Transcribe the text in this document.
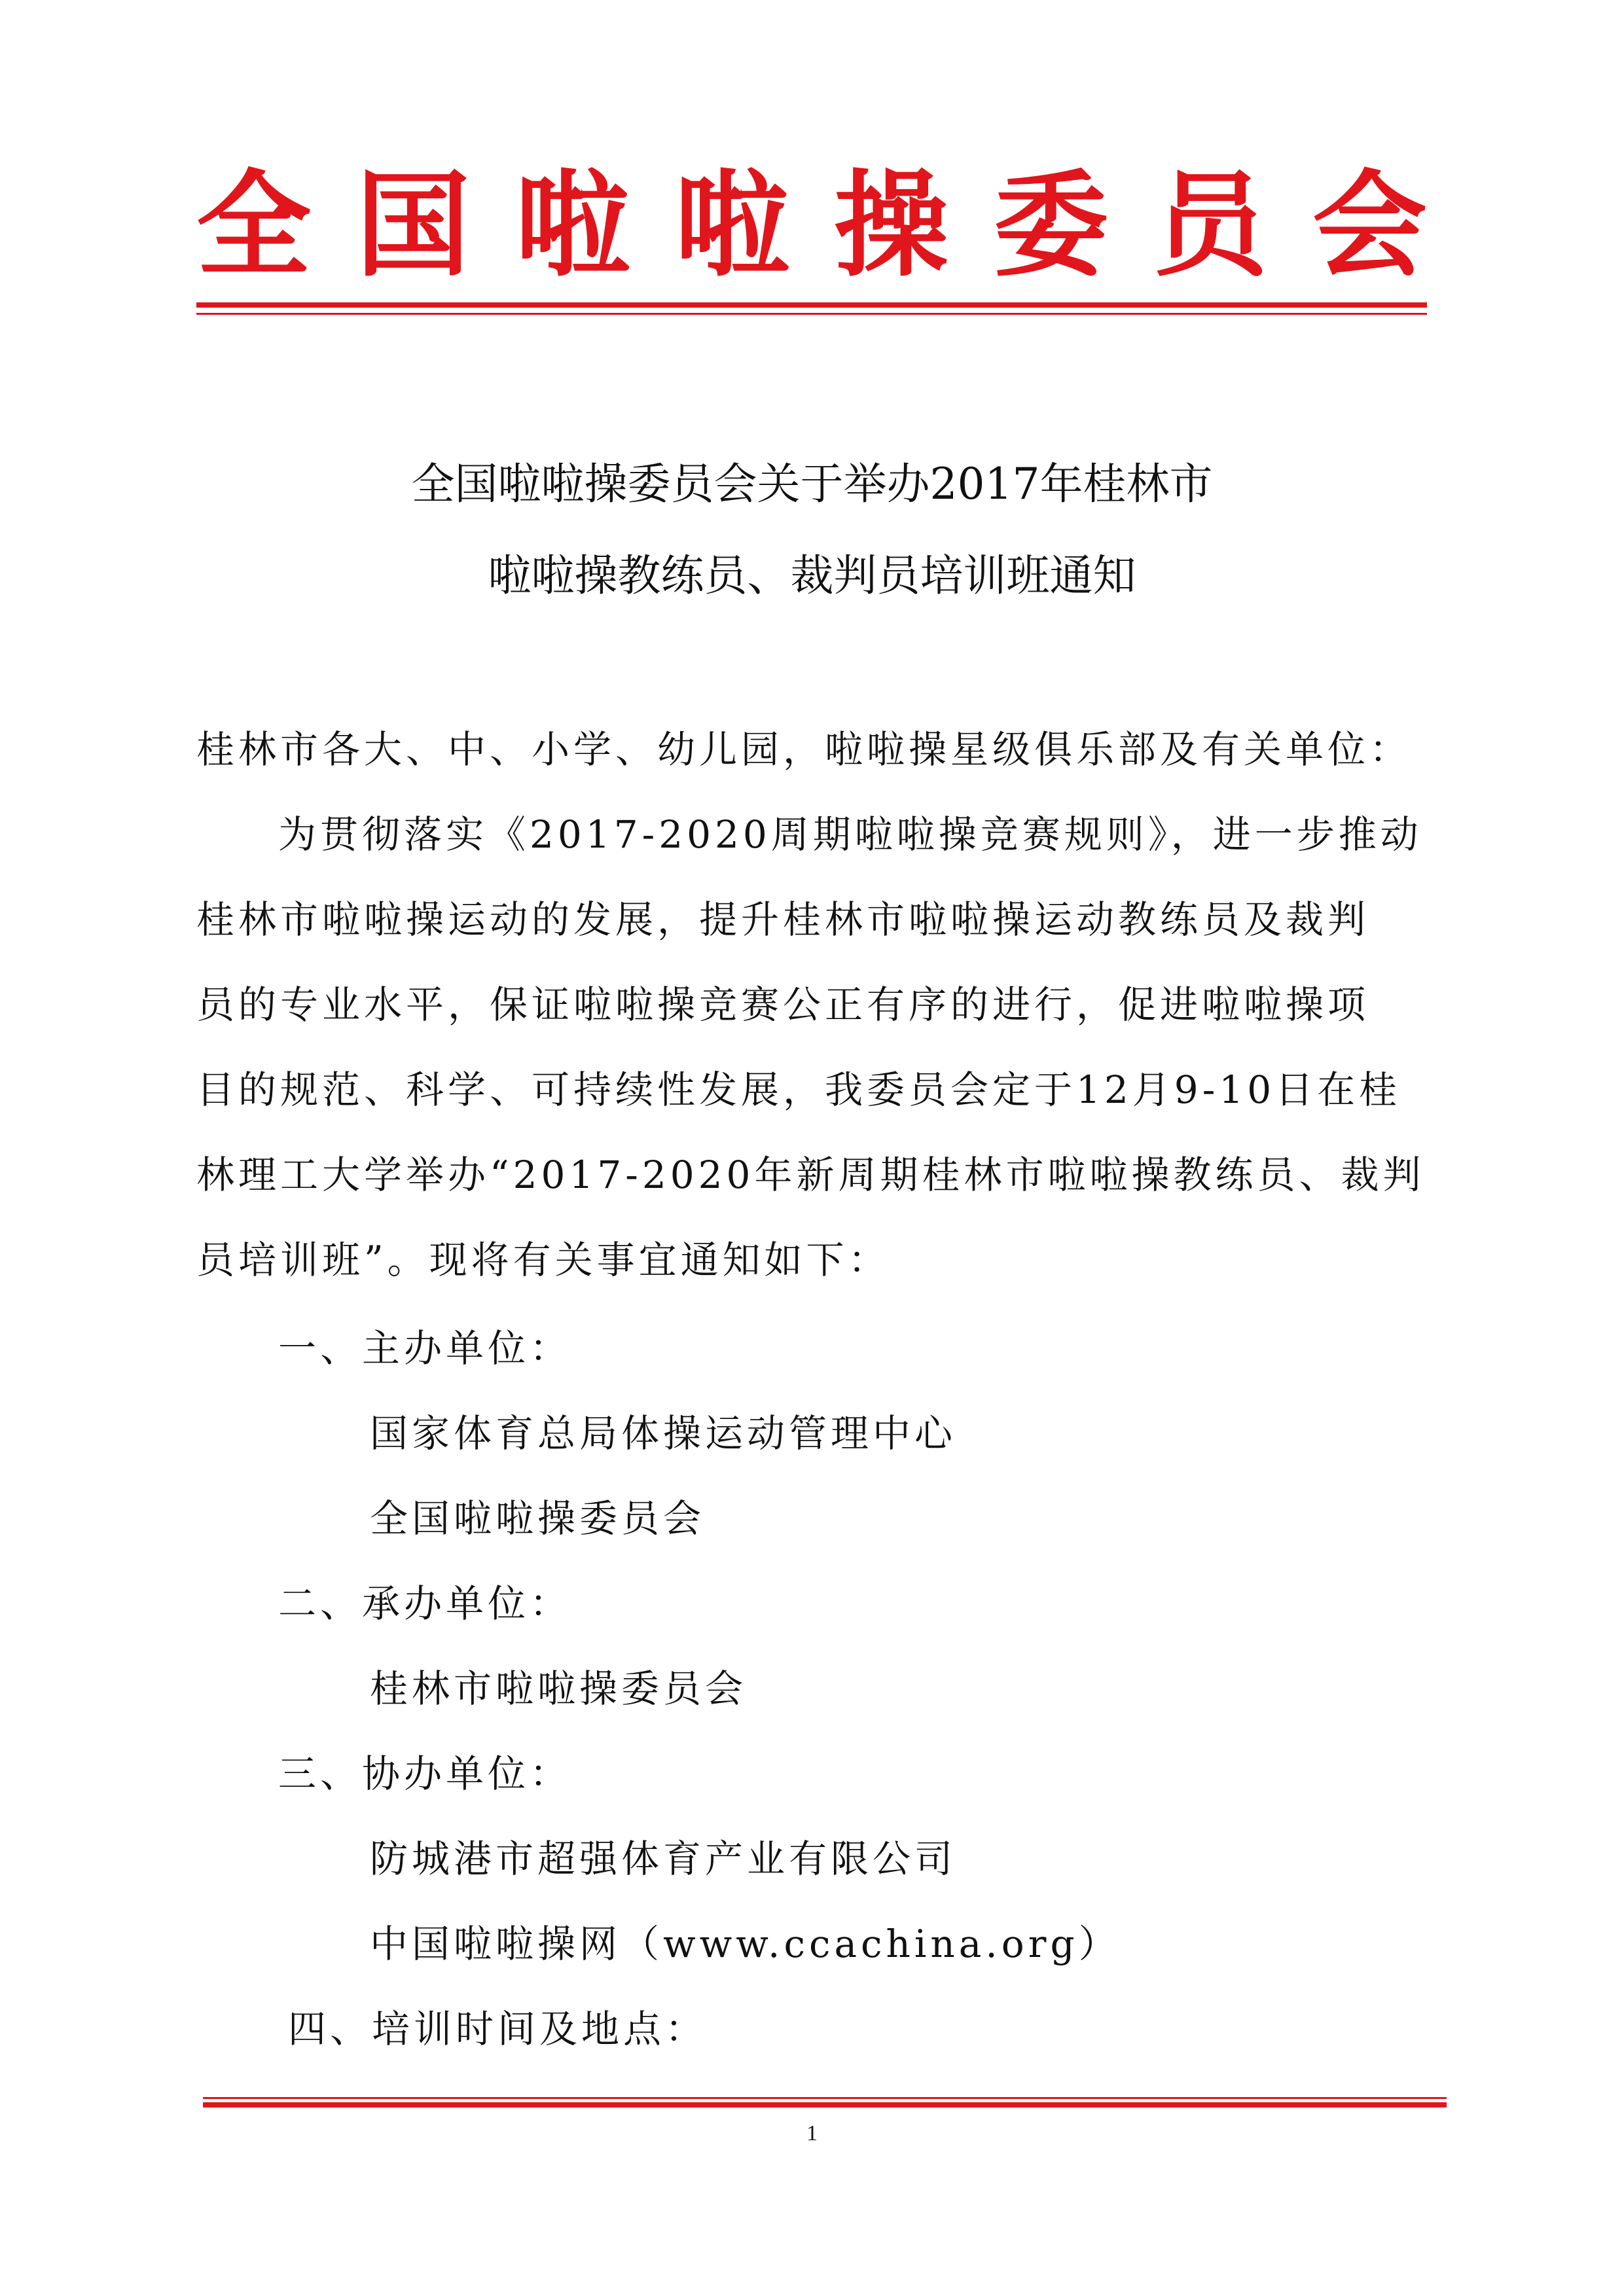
全 国 啦 啦 操 委 员 会
全国啦啦操委员会关于举办2017年桂林市
啦啦操教练员、裁判员培训班通知

桂林市各大、中、小学、幼儿园，啦啦操星级俱乐部及有关单位：

为贯彻落实《2017-2020周期啦啦操竞赛规则》，进一步推动

桂林市啦啦操运动的发展，提升桂林市啦啦操运动教练员及裁判

员的专业水平，保证啦啦操竞赛公正有序的进行，促进啦啦操项

目的规范、科学、可持续性发展，我委员会定于12月9-10日在桂

林理工大学举办“2017-2020年新周期桂林市啦啦操教练员、裁判

员培训班”。现将有关事宜通知如下：

一、主办单位：

国家体育总局体操运动管理中心

全国啦啦操委员会

二、承办单位：

桂林市啦啦操委员会

三、协办单位：

防城港市超强体育产业有限公司

中国啦啦操网（www.ccachina.org）

四、培训时间及地点：

1
